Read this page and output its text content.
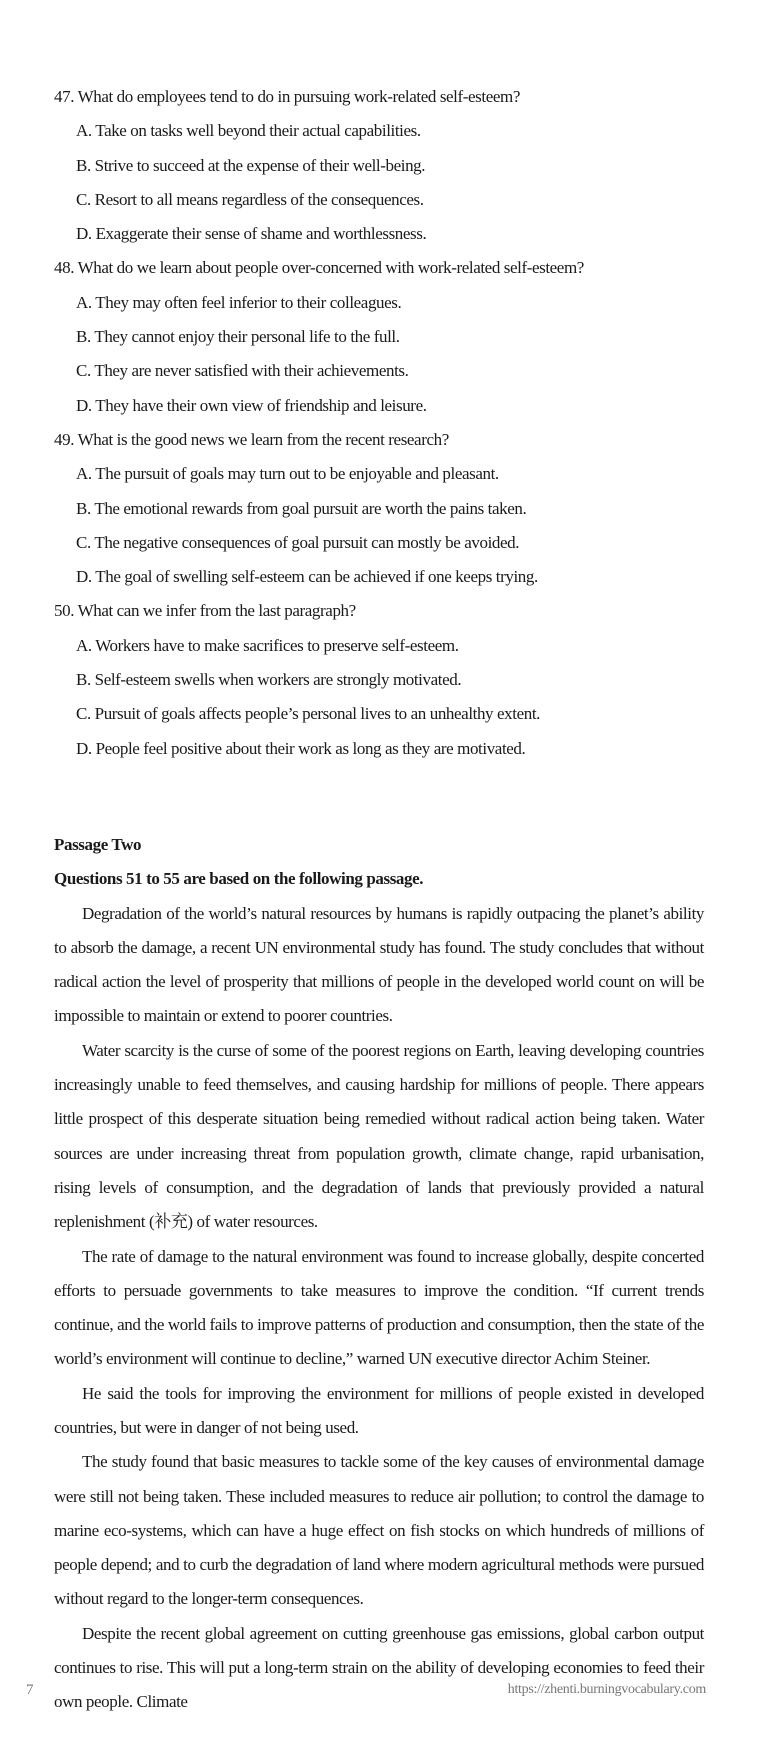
47. What do employees tend to do in pursuing work-related self-esteem?
A. Take on tasks well beyond their actual capabilities.
B. Strive to succeed at the expense of their well-being.
C. Resort to all means regardless of the consequences.
D. Exaggerate their sense of shame and worthlessness.
48. What do we learn about people over-concerned with work-related self-esteem?
A. They may often feel inferior to their colleagues.
B. They cannot enjoy their personal life to the full.
C. They are never satisfied with their achievements.
D. They have their own view of friendship and leisure.
49. What is the good news we learn from the recent research?
A. The pursuit of goals may turn out to be enjoyable and pleasant.
B. The emotional rewards from goal pursuit are worth the pains taken.
C. The negative consequences of goal pursuit can mostly be avoided.
D. The goal of swelling self-esteem can be achieved if one keeps trying.
50. What can we infer from the last paragraph?
A. Workers have to make sacrifices to preserve self-esteem.
B. Self-esteem swells when workers are strongly motivated.
C. Pursuit of goals affects people’s personal lives to an unhealthy extent.
D. People feel positive about their work as long as they are motivated.
Passage Two
Questions 51 to 55 are based on the following passage.

Degradation of the world’s natural resources by humans is rapidly outpacing the planet’s ability to absorb the damage, a recent UN environmental study has found. The study concludes that without radical action the level of prosperity that millions of people in the developed world count on will be impossible to maintain or extend to poorer countries.

Water scarcity is the curse of some of the poorest regions on Earth, leaving developing countries increasingly unable to feed themselves, and causing hardship for millions of people. There appears little prospect of this desperate situation being remedied without radical action being taken. Water sources are under increasing threat from population growth, climate change, rapid urbanisation, rising levels of consumption, and the degradation of lands that previously provided a natural replenishment (补充) of water resources.

The rate of damage to the natural environment was found to increase globally, despite concerted efforts to persuade governments to take measures to improve the condition. “If current trends continue, and the world fails to improve patterns of production and consumption, then the state of the world’s environment will continue to decline,” warned UN executive director Achim Steiner.

He said the tools for improving the environment for millions of people existed in developed countries, but were in danger of not being used.

The study found that basic measures to tackle some of the key causes of environmental damage were still not being taken. These included measures to reduce air pollution; to control the damage to marine eco-systems, which can have a huge effect on fish stocks on which hundreds of millions of people depend; and to curb the degradation of land where modern agricultural methods were pursued without regard to the longer-term consequences.

Despite the recent global agreement on cutting greenhouse gas emissions, global carbon output continues to rise. This will put a long-term strain on the ability of developing economies to feed their own people. Climate

7	https://zhenti.burningvocabulary.com
